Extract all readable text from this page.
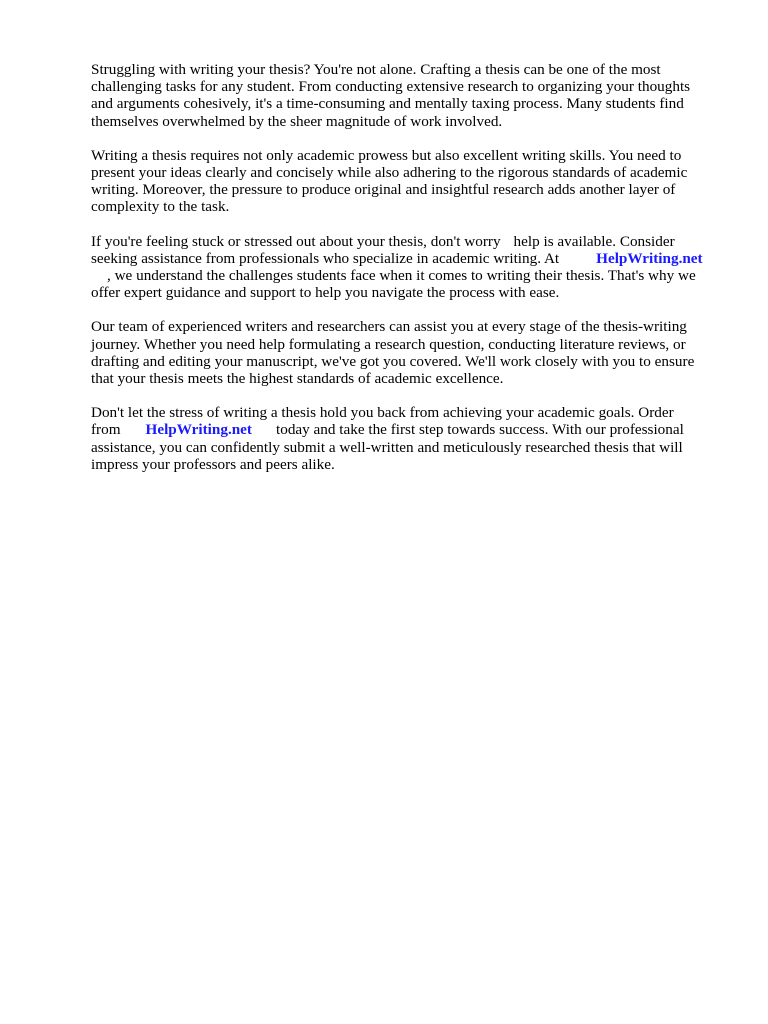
Struggling with writing your thesis? You're not alone. Crafting a thesis can be one of the most
challenging tasks for any student. From conducting extensive research to organizing your thoughts
and arguments cohesively, it's a time-consuming and mentally taxing process. Many students find
themselves overwhelmed by the sheer magnitude of work involved.

Writing a thesis requires not only academic prowess but also excellent writing skills. You need to
present your ideas clearly and concisely while also adhering to the rigorous standards of academic
writing. Moreover, the pressure to produce original and insightful research adds another layer of
complexity to the task.

If you're feeling stuck or stressed out about your thesis, don't worry help is available. Consider
seeking assistance from professionals who specialize in academic writing. At HelpWriting.net
, we understand the challenges students face when it comes to writing their thesis. That's why we
offer expert guidance and support to help you navigate the process with ease.

Our team of experienced writers and researchers can assist you at every stage of the thesis-writing
journey. Whether you need help formulating a research question, conducting literature reviews, or
drafting and editing your manuscript, we've got you covered. We'll work closely with you to ensure
that your thesis meets the highest standards of academic excellence.

Don't let the stress of writing a thesis hold you back from achieving your academic goals. Order
from HelpWriting.net today and take the first step towards success. With our professional
assistance, you can confidently submit a well-written and meticulously researched thesis that will
impress your professors and peers alike.
